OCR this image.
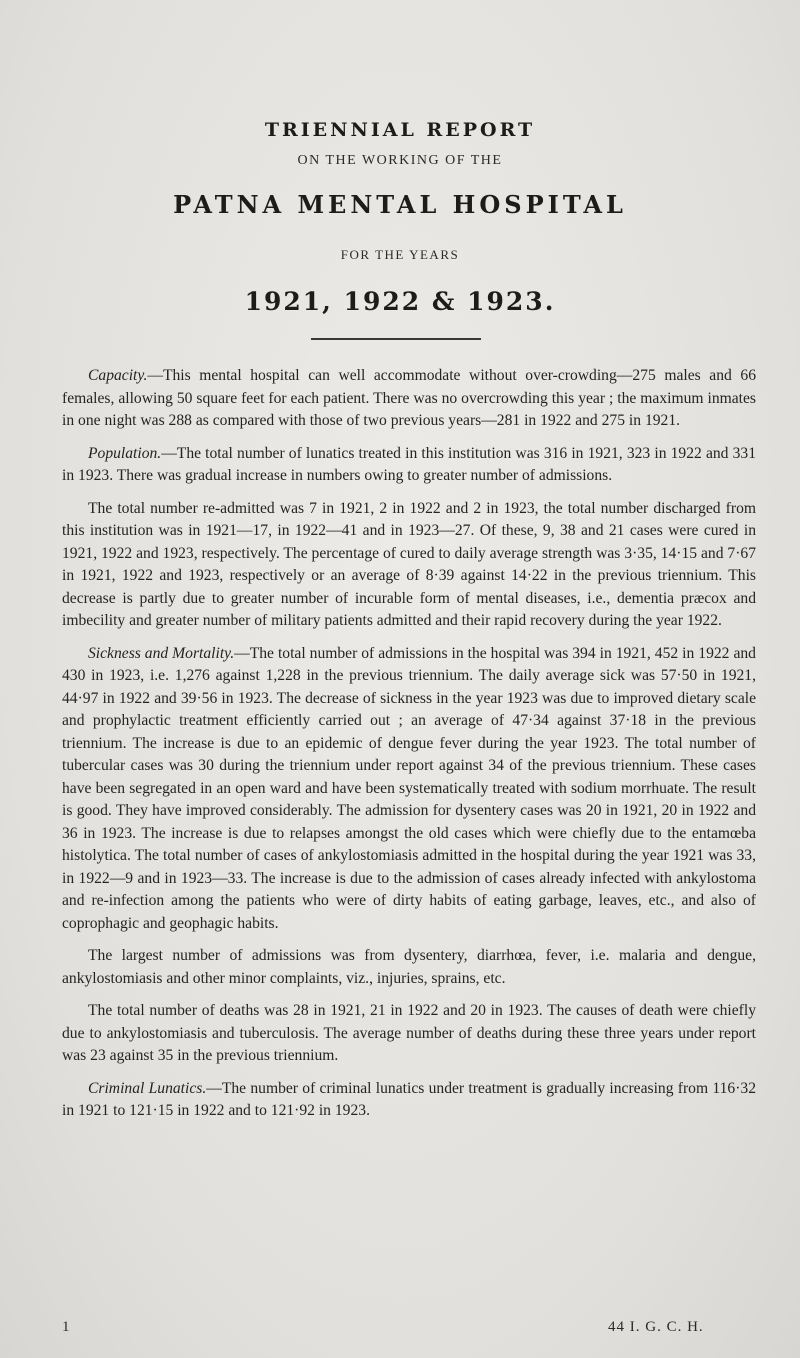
TRIENNIAL REPORT
ON THE WORKING OF THE
PATNA MENTAL HOSPITAL
FOR THE YEARS
1921, 1922 & 1923.

Capacity.—This mental hospital can well accommodate without over-crowding—275 males and 66 females, allowing 50 square feet for each patient. There was no overcrowding this year ; the maximum inmates in one night was 288 as compared with those of two previous years—281 in 1922 and 275 in 1921.

Population.—The total number of lunatics treated in this institution was 316 in 1921, 323 in 1922 and 331 in 1923. There was gradual increase in numbers owing to greater number of admissions.

The total number re-admitted was 7 in 1921, 2 in 1922 and 2 in 1923, the total number discharged from this institution was in 1921—17, in 1922—41 and in 1923—27. Of these, 9, 38 and 21 cases were cured in 1921, 1922 and 1923, respectively. The percentage of cured to daily average strength was 3·35, 14·15 and 7·67 in 1921, 1922 and 1923, respectively or an average of 8·39 against 14·22 in the previous triennium. This decrease is partly due to greater number of incurable form of mental diseases, i.e., dementia præcox and imbecility and greater number of military patients admitted and their rapid recovery during the year 1922.

Sickness and Mortality.—The total number of admissions in the hospital was 394 in 1921, 452 in 1922 and 430 in 1923, i.e. 1,276 against 1,228 in the previous triennium. The daily average sick was 57·50 in 1921, 44·97 in 1922 and 39·56 in 1923. The decrease of sickness in the year 1923 was due to improved dietary scale and prophylactic treatment efficiently carried out ; an average of 47·34 against 37·18 in the previous triennium. The increase is due to an epidemic of dengue fever during the year 1923. The total number of tubercular cases was 30 during the triennium under report against 34 of the previous triennium. These cases have been segregated in an open ward and have been systematically treated with sodium morrhuate. The result is good. They have improved considerably. The admission for dysentery cases was 20 in 1921, 20 in 1922 and 36 in 1923. The increase is due to relapses amongst the old cases which were chiefly due to the entamœba histolytica. The total number of cases of ankylostomiasis admitted in the hospital during the year 1921 was 33, in 1922—9 and in 1923—33. The increase is due to the admission of cases already infected with ankylostoma and re-infection among the patients who were of dirty habits of eating garbage, leaves, etc., and also of coprophagic and geophagic habits.

The largest number of admissions was from dysentery, diarrhœa, fever, i.e. malaria and dengue, ankylostomiasis and other minor complaints, viz., injuries, sprains, etc.

The total number of deaths was 28 in 1921, 21 in 1922 and 20 in 1923. The causes of death were chiefly due to ankylostomiasis and tuberculosis. The average number of deaths during these three years under report was 23 against 35 in the previous triennium.

Criminal Lunatics.—The number of criminal lunatics under treatment is gradually increasing from 116·32 in 1921 to 121·15 in 1922 and to 121·92 in 1923.

1	44 I. G. C. H.
